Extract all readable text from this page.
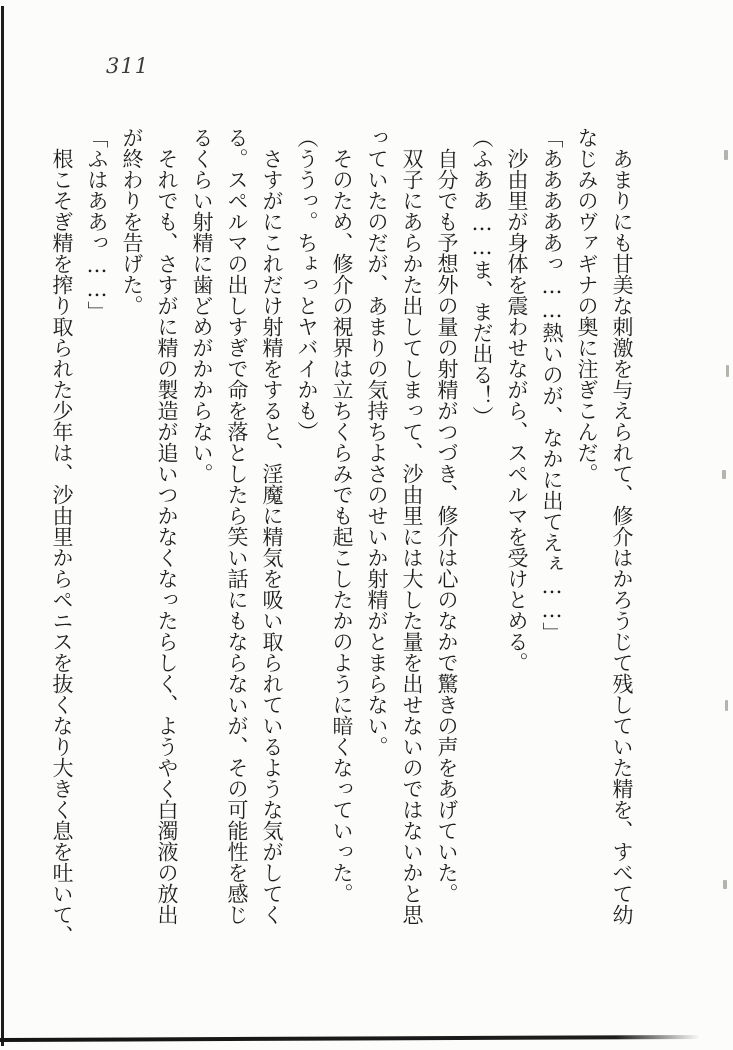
311
　あまりにも甘美な刺激を与えられて、修介はかろうじて残していた精を、すべて幼
なじみのヴァギナの奥に注ぎこんだ。
「あああああっ……熱いのが、なかに出てえぇ……」
　沙由里が身体を震わせながら、スペルマを受けとめる。
（ふああ……ま、まだ出る！）
　自分でも予想外の量の射精がつづき、修介は心のなかで驚きの声をあげていた。
　双子にあらかた出してしまって、沙由里には大した量を出せないのではないかと思
っていたのだが、あまりの気持ちよさのせいか射精がとまらない。
　そのため、修介の視界は立ちくらみでも起こしたかのように暗くなっていった。
（ううっ。ちょっとヤバイかも）
　さすがにこれだけ射精をすると、淫魔に精気を吸い取られているような気がしてく
る。スペルマの出しすぎで命を落としたら笑い話にもならないが、その可能性を感じ
るくらい射精に歯どめがかからない。
　それでも、さすがに精の製造が追いつかなくなったらしく、ようやく白濁液の放出
が終わりを告げた。
「ふはああっ……」
　根こそぎ精を搾り取られた少年は、沙由里からペニスを抜くなり大きく息を吐いて、
